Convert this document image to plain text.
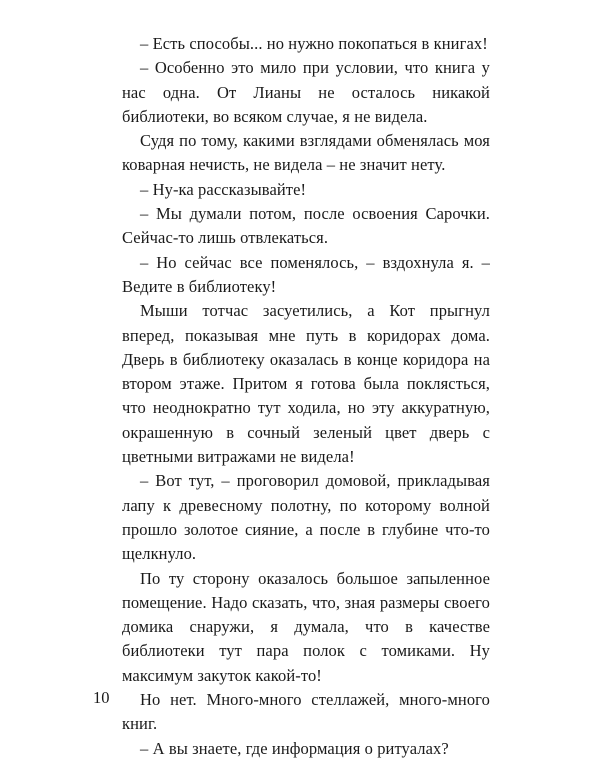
– Есть способы... но нужно покопаться в книгах!

– Особенно это мило при условии, что книга у нас одна. От Лианы не осталось никакой библиотеки, во всяком случае, я не видела.

Судя по тому, какими взглядами обменялась моя коварная нечисть, не видела – не значит нету.

– Ну-ка рассказывайте!

– Мы думали потом, после освоения Сарочки. Сейчас-то лишь отвлекаться.

– Но сейчас все поменялось, – вздохнула я. – Ведите в библиотеку!

Мыши тотчас засуетились, а Кот прыгнул вперед, показывая мне путь в коридорах дома. Дверь в библиотеку оказалась в конце коридора на втором этаже. Притом я готова была поклясться, что неоднократно тут ходила, но эту аккуратную, окрашенную в сочный зеленый цвет дверь с цветными витражами не видела!

– Вот тут, – проговорил домовой, прикладывая лапу к древесному полотну, по которому волной прошло золотое сияние, а после в глубине что-то щелкнуло.

По ту сторону оказалось большое запыленное помещение. Надо сказать, что, зная размеры своего домика снаружи, я думала, что в качестве библиотеки тут пара полок с томиками. Ну максимум закуток какой-то!

Но нет. Много-много стеллажей, много-много книг.

– А вы знаете, где информация о ритуалах?

10
